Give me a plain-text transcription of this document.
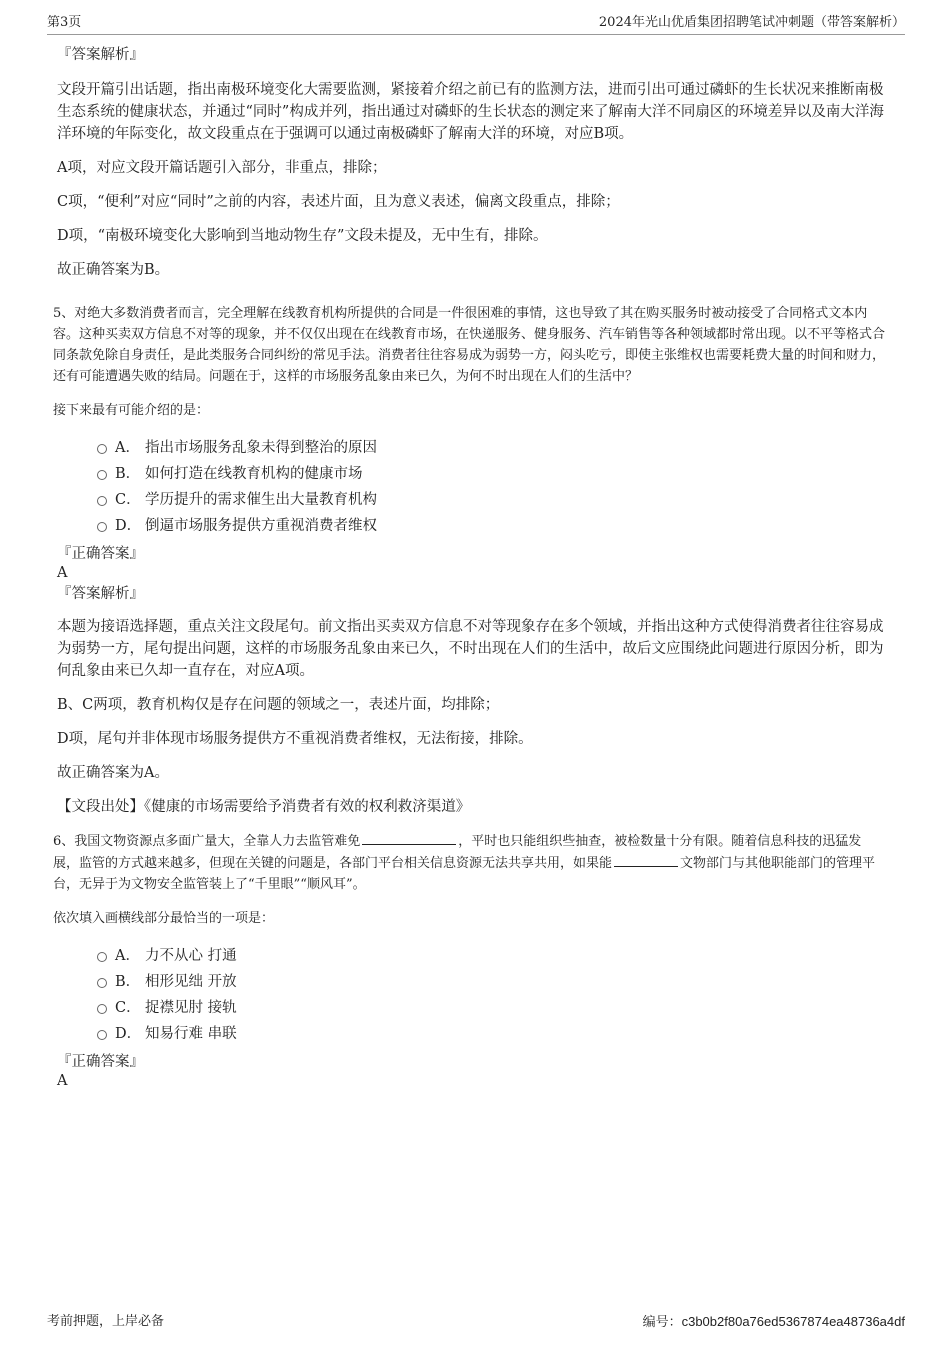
第3页	2024年光山优盾集团招聘笔试冲刺题（带答案解析）
『答案解析』

文段开篇引出话题，指出南极环境变化大需要监测，紧接着介绍之前已有的监测方法，进而引出可通过磷虾的生长状况来推断南极生态系统的健康状态，并通过“同时”构成并列，指出通过对磷虾的生长状态的测定来了解南大洋不同扇区的环境差异以及南大洋海洋环境的年际变化，故文段重点在于强调可以通过南极磷虾了解南大洋的环境，对应B项。

A项，对应文段开篇话题引入部分，非重点，排除；

C项，“便利”对应“同时”之前的内容，表述片面，且为意义表述，偏离文段重点，排除；

D项，“南极环境变化大影响到当地动物生存”文段未提及，无中生有，排除。

故正确答案为B。

5、对绝大多数消费者而言，完全理解在线教育机构所提供的合同是一件很困难的事情，这也导致了其在购买服务时被动接受了合同格式文本内容。这种买卖双方信息不对等的现象，并不仅仅出现在在线教育市场，在快递服务、健身服务、汽车销售等各种领域都时常出现。以不平等格式合同条款免除自身责任，是此类服务合同纠纷的常见手法。消费者往往容易成为弱势一方，闷头吃亏，即使主张维权也需要耗费大量的时间和财力，还有可能遭遇失败的结局。问题在于，这样的市场服务乱象由来已久，为何不时出现在人们的生活中？

接下来最有可能介绍的是：

A． 指出市场服务乱象未得到整治的原因
B． 如何打造在线教育机构的健康市场
C． 学历提升的需求催生出大量教育机构
D． 倒逼市场服务提供方重视消费者维权
『正确答案』
A
『答案解析』

本题为接语选择题，重点关注文段尾句。前文指出买卖双方信息不对等现象存在多个领域，并指出这种方式使得消费者往往容易成为弱势一方，尾句提出问题，这样的市场服务乱象由来已久，不时出现在人们的生活中，故后文应围绕此问题进行原因分析，即为何乱象由来已久却一直存在，对应A项。

B、C两项，教育机构仅是存在问题的领域之一，表述片面，均排除；

D项，尾句并非体现市场服务提供方不重视消费者维权，无法衔接，排除。

故正确答案为A。

【文段出处】《健康的市场需要给予消费者有效的权利救济渠道》

6、我国文物资源点多面广量大，全靠人力去监管难免	，平时也只能组织些抽查，被检数量十分有限。随着信息科技的迅猛发展，监管的方式越来越多，但现在关键的问题是，各部门平台相关信息资源无法共享共用，如果能	文物部门与其他职能部门的管理平台，无异于为文物安全监管装上了“千里眼”“顺风耳”。

依次填入画横线部分最恰当的一项是：

A． 力不从心 打通
B． 相形见绌 开放
C． 捉襟见肘 接轨
D． 知易行难 串联
『正确答案』
A
考前押题，上岸必备	编号：c3b0b2f80a76ed5367874ea48736a4df
